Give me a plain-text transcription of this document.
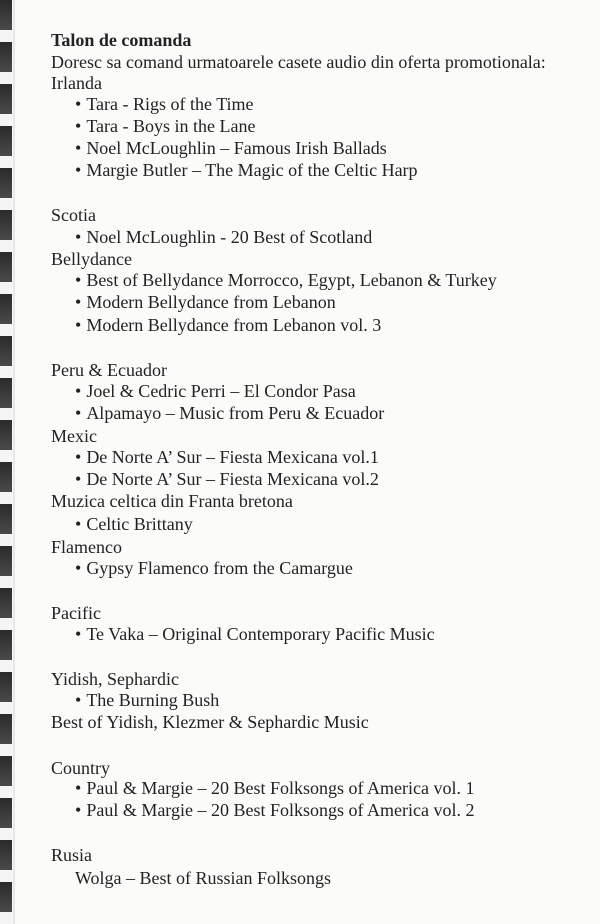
Talon de comanda
Doresc sa comand urmatoarele casete audio din oferta promotionala:
Irlanda
• Tara - Rigs of the Time
• Tara - Boys in the Lane
• Noel McLoughlin – Famous Irish Ballads
• Margie Butler – The Magic of the Celtic Harp
Scotia
• Noel McLoughlin - 20 Best of Scotland
Bellydance
• Best of Bellydance Morrocco, Egypt, Lebanon & Turkey
• Modern Bellydance from Lebanon
• Modern Bellydance from Lebanon vol. 3
Peru & Ecuador
• Joel & Cedric Perri – El Condor Pasa
• Alpamayo – Music from Peru & Ecuador
Mexic
• De Norte A’ Sur – Fiesta Mexicana vol.1
• De Norte A’ Sur – Fiesta Mexicana vol.2
Muzica celtica din Franta bretona
• Celtic Brittany
Flamenco
• Gypsy Flamenco from the Camargue
Pacific
• Te Vaka – Original Contemporary Pacific Music
Yidish, Sephardic
• The Burning Bush
Best of Yidish, Klezmer & Sephardic Music
Country
• Paul & Margie – 20 Best Folksongs of America vol. 1
• Paul & Margie – 20 Best Folksongs of America vol. 2
Rusia
Wolga – Best of Russian Folksongs
